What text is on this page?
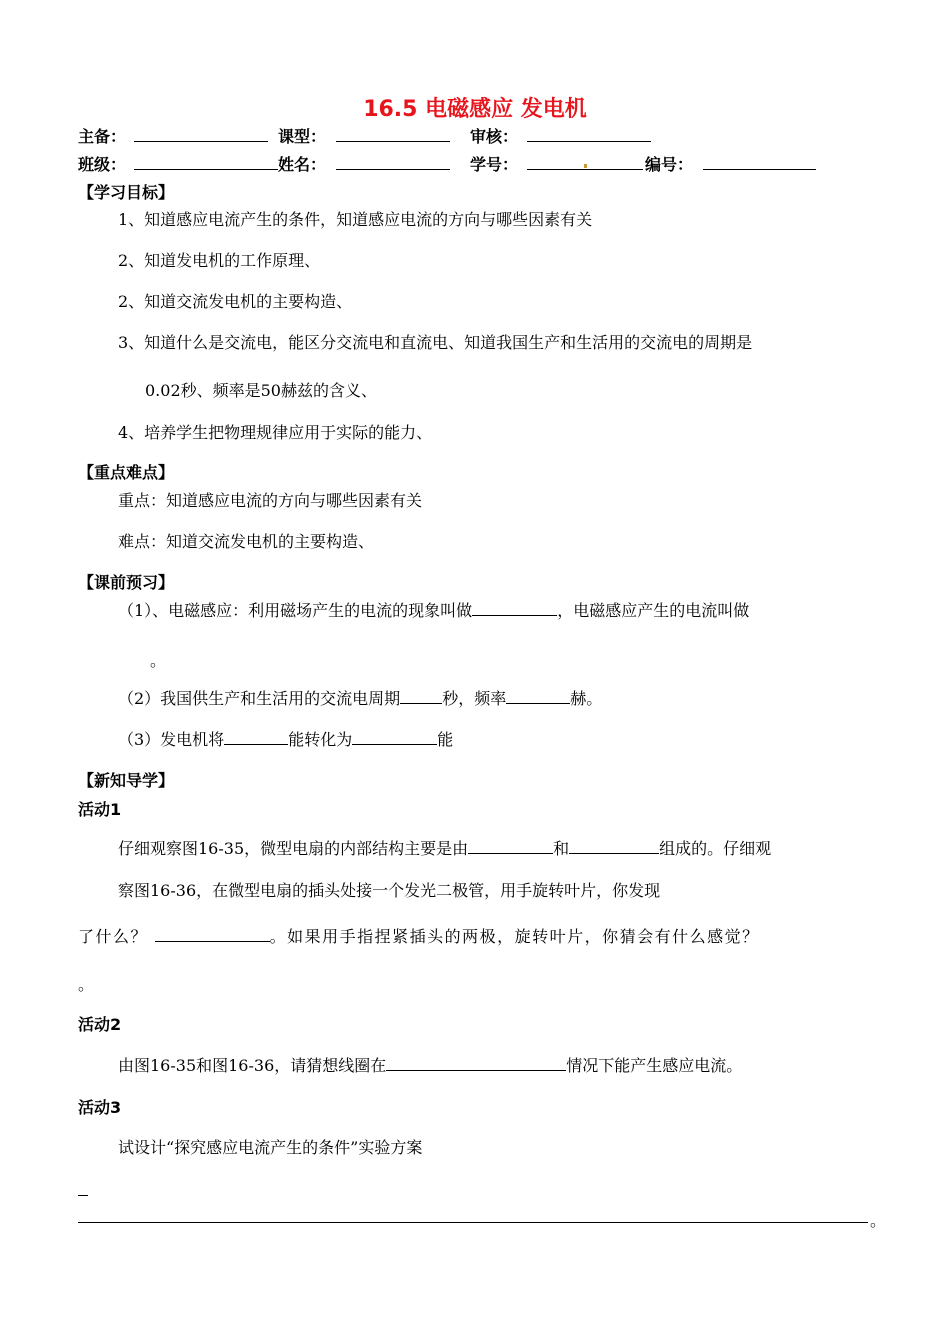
16.5 电磁感应 发电机
主备：	课型：	审核：
班级：	姓名：	学号：	编号：
【学习目标】
1、知道感应电流产生的条件，知道感应电流的方向与哪些因素有关
2、知道发电机的工作原理、
2、知道交流发电机的主要构造、
3、知道什么是交流电，能区分交流电和直流电、知道我国生产和生活用的交流电的周期是
0.02秒、频率是50赫兹的含义、
4、培养学生把物理规律应用于实际的能力、
【重点难点】
重点：知道感应电流的方向与哪些因素有关
难点：知道交流发电机的主要构造、
【课前预习】
（1）、电磁感应：利用磁场产生的电流的现象叫做	，电磁感应产生的电流叫做
。
（2）我国供生产和生活用的交流电周期	秒，频率	赫。
（3）发电机将	能转化为	能
【新知导学】
活动1
仔细观察图16-35，微型电扇的内部结构主要是由	和	组成的。仔细观
察图16-36，在微型电扇的插头处接一个发光二极管，用手旋转叶片，你发现
了什么？	。如果用手指捏紧插头的两极，旋转叶片，你猜会有什么感觉？
。
活动2
由图16-35和图16-36，请猜想线圈在	情况下能产生感应电流。
活动3
试设计“探究感应电流产生的条件”实验方案
。
